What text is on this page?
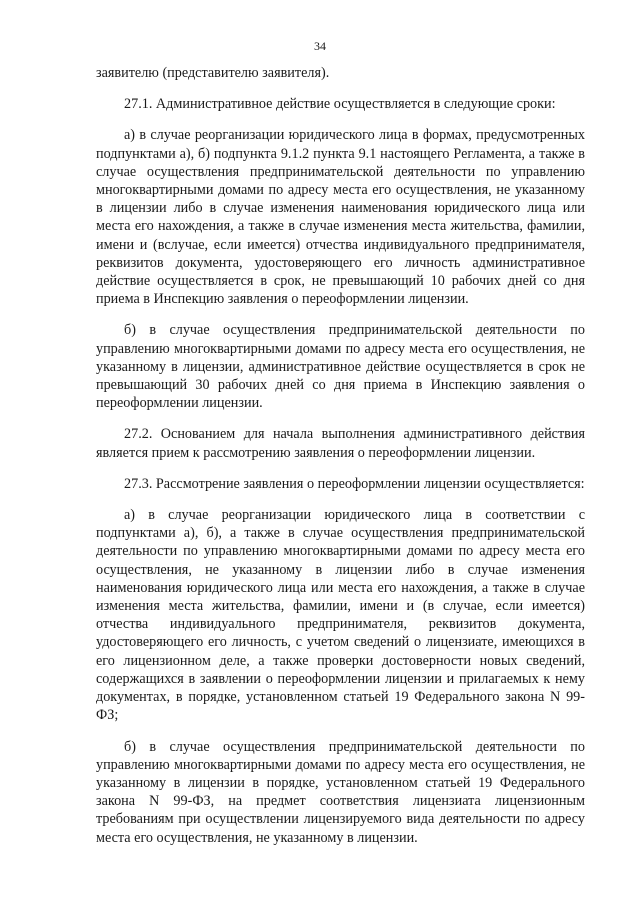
34

заявителю (представителю заявителя).

27.1. Административное действие осуществляется в следующие сроки:

а) в случае реорганизации юридического лица в формах, предусмотренных подпунктами а), б) подпункта 9.1.2 пункта 9.1 настоящего Регламента, а также в случае осуществления предпринимательской деятельности по управлению многоквартирными домами по адресу места его осуществления, не указанному в лицензии либо в случае изменения наименования юридического лица или места его нахождения, а также в случае изменения места жительства, фамилии, имени и (вслучае, если имеется) отчества индивидуального предпринимателя, реквизитов документа, удостоверяющего его личность административное действие осуществляется в срок, не превышающий 10 рабочих дней со дня приема в Инспекцию заявления о переоформлении лицензии.

б) в случае осуществления предпринимательской деятельности по управлению многоквартирными домами по адресу места его осуществления, не указанному в лицензии, административное действие осуществляется в срок не превышающий 30 рабочих дней со дня приема в Инспекцию заявления о переоформлении лицензии.

27.2. Основанием для начала выполнения административного действия является прием к рассмотрению заявления о переоформлении лицензии.

27.3. Рассмотрение заявления о переоформлении лицензии осуществляется:

а) в случае реорганизации юридического лица в соответствии с подпунктами а), б), а также в случае осуществления предпринимательской деятельности по управлению многоквартирными домами по адресу места его осуществления, не указанному в лицензии либо в случае изменения наименования юридического лица или места его нахождения, а также в случае изменения места жительства, фамилии, имени и (в случае, если имеется) отчества индивидуального предпринимателя, реквизитов документа, удостоверяющего его личность, с учетом сведений о лицензиате, имеющихся в его лицензионном деле, а также проверки достоверности новых сведений, содержащихся в заявлении о переоформлении лицензии и прилагаемых к нему документах, в порядке, установленном статьей 19 Федерального закона N 99-ФЗ;

б) в случае осуществления предпринимательской деятельности по управлению многоквартирными домами по адресу места его осуществления, не указанному в лицензии в порядке, установленном статьей 19 Федерального закона N 99-ФЗ, на предмет соответствия лицензиата лицензионным требованиям при осуществлении лицензируемого вида деятельности по адресу места его осуществления, не указанному в лицензии.
